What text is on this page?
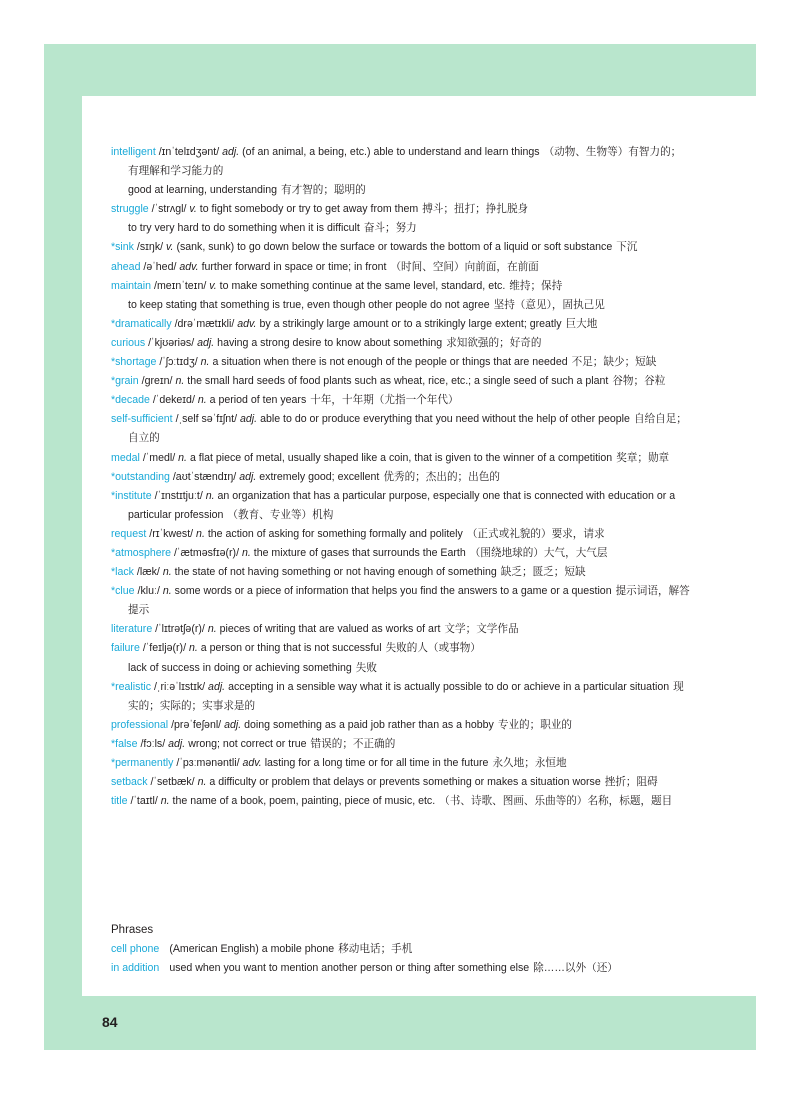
intelligent /ɪnˈtelɪdʒənt/ adj. (of an animal, a being, etc.) able to understand and learn things （动物、生物等）有智力的；有理解和学习能力的
good at learning, understanding 有才智的；聪明的
struggle /ˈstrʌɡl/ v. to fight somebody or try to get away from them 搏斗；扭打；挣扎脱身
to try very hard to do something when it is difficult 奋斗；努力
*sink /sɪŋk/ v. (sank, sunk) to go down below the surface or towards the bottom of a liquid or soft substance 下沉
ahead /əˈhed/ adv. further forward in space or time; in front （时间、空间）向前面，在前面
maintain /meɪnˈteɪn/ v. to make something continue at the same level, standard, etc. 维持；保持
to keep stating that something is true, even though other people do not agree 坚持（意见），固执己见
*dramatically /drəˈmætɪkli/ adv. by a strikingly large amount or to a strikingly large extent; greatly 巨大地
curious /ˈkjʊəriəs/ adj. having a strong desire to know about something 求知欲强的；好奇的
*shortage /ˈʃɔːtɪdʒ/ n. a situation when there is not enough of the people or things that are needed 不足；缺少；短缺
*grain /ɡreɪn/ n. the small hard seeds of food plants such as wheat, rice, etc.; a single seed of such a plant 谷物；谷粒
*decade /ˈdekeɪd/ n. a period of ten years 十年，十年期（尤指一个年代）
self-sufficient /ˌself səˈfɪʃnt/ adj. able to do or produce everything that you need without the help of other people 自给自足；自立的
medal /ˈmedl/ n. a flat piece of metal, usually shaped like a coin, that is given to the winner of a competition 奖章；勋章
*outstanding /aʊtˈstændɪŋ/ adj. extremely good; excellent 优秀的；杰出的；出色的
*institute /ˈɪnstɪtjuːt/ n. an organization that has a particular purpose, especially one that is connected with education or a particular profession （教育、专业等）机构
request /rɪˈkwest/ n. the action of asking for something formally and politely （正式或礼貌的）要求，请求
*atmosphere /ˈætməsfɪə(r)/ n. the mixture of gases that surrounds the Earth （围绕地球的）大气，大气层
*lack /læk/ n. the state of not having something or not having enough of something 缺乏；匮乏；短缺
*clue /kluː/ n. some words or a piece of information that helps you find the answers to a game or a question 提示词语，解答提示
literature /ˈlɪtrətʃə(r)/ n. pieces of writing that are valued as works of art 文学；文学作品
failure /ˈfeɪljə(r)/ n. a person or thing that is not successful 失败的人（或事物）
lack of success in doing or achieving something 失败
*realistic /ˌriːəˈlɪstɪk/ adj. accepting in a sensible way what it is actually possible to do or achieve in a particular situation 现实的；实际的；实事求是的
professional /prəˈfeʃənl/ adj. doing something as a paid job rather than as a hobby 专业的；职业的
*false /fɔːls/ adj. wrong; not correct or true 错误的；不正确的
*permanently /ˈpɜːmənəntli/ adv. lasting for a long time or for all time in the future 永久地；永恒地
setback /ˈsetbæk/ n. a difficulty or problem that delays or prevents something or makes a situation worse 挫折；阻碍
title /ˈtaɪtl/ n. the name of a book, poem, painting, piece of music, etc. （书、诗歌、图画、乐曲等的）名称，标题，题目
Phrases
cell phone (American English) a mobile phone 移动电话；手机
in addition used when you want to mention another person or thing after something else 除……以外（还）
84
